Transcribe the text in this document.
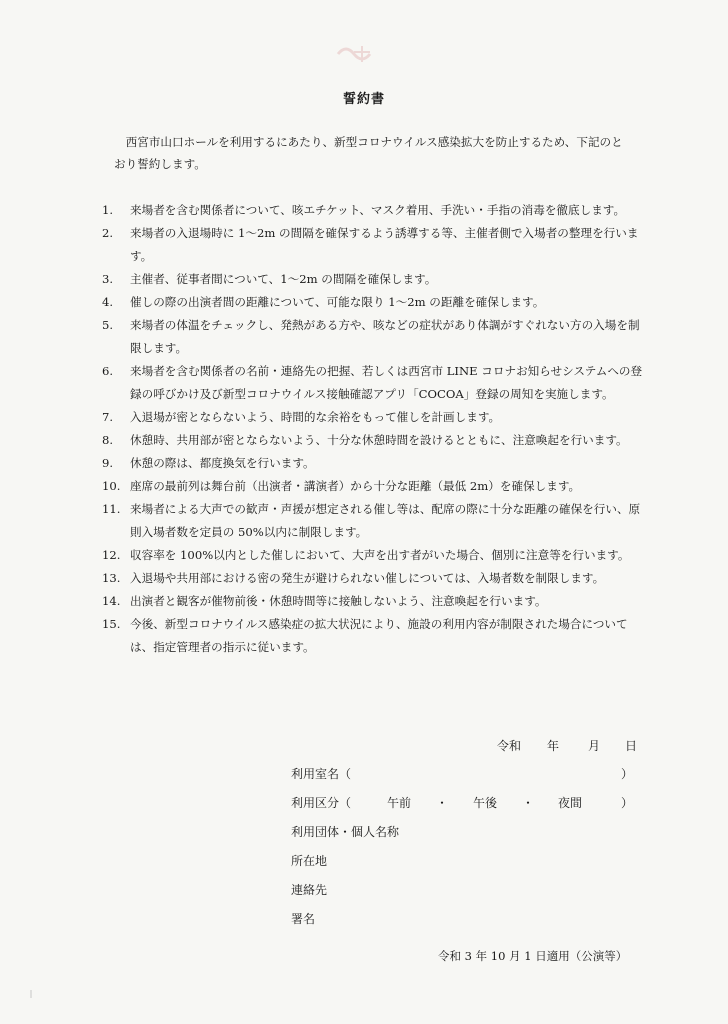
誓約書
西宮市山口ホールを利用するにあたり、新型コロナウイルス感染拡大を防止するため、下記のとおり誓約します。
1.	来場者を含む関係者について、咳エチケット、マスク着用、手洗い・手指の消毒を徹底します。
2.	来場者の入退場時に 1～2m の間隔を確保するよう誘導する等、主催者側で入場者の整理を行います。
3.	主催者、従事者間について、1～2m の間隔を確保します。
4.	催しの際の出演者間の距離について、可能な限り 1～2m の距離を確保します。
5.	来場者の体温をチェックし、発熱がある方や、咳などの症状があり体調がすぐれない方の入場を制限します。
6.	来場者を含む関係者の名前・連絡先の把握、若しくは西宮市 LINE コロナお知らせシステムへの登録の呼びかけ及び新型コロナウイルス接触確認アプリ「COCOA」登録の周知を実施します。
7.	入退場が密とならないよう、時間的な余裕をもって催しを計画します。
8.	休憩時、共用部が密とならないよう、十分な休憩時間を設けるとともに、注意喚起を行います。
9.	休憩の際は、都度換気を行います。
10. 座席の最前列は舞台前（出演者・講演者）から十分な距離（最低 2m）を確保します。
11. 来場者による大声での歓声・声援が想定される催し等は、配席の際に十分な距離の確保を行い、原則入場者数を定員の 50%以内に制限します。
12. 収容率を 100%以内とした催しにおいて、大声を出す者がいた場合、個別に注意等を行います。
13. 入退場や共用部における密の発生が避けられない催しについては、入場者数を制限します。
14. 出演者と観客が催物前後・休憩時間等に接触しないよう、注意喚起を行います。
15. 今後、新型コロナウイルス感染症の拡大状況により、施設の利用内容が制限された場合については、指定管理者の指示に従います。
令和 年 月 日
利用室名（	）
利用区分（	午前 ・ 午後 ・ 夜間	）
利用団体・個人名称
所在地
連絡先
署名
令和 3 年 10 月 1 日適用（公演等）
